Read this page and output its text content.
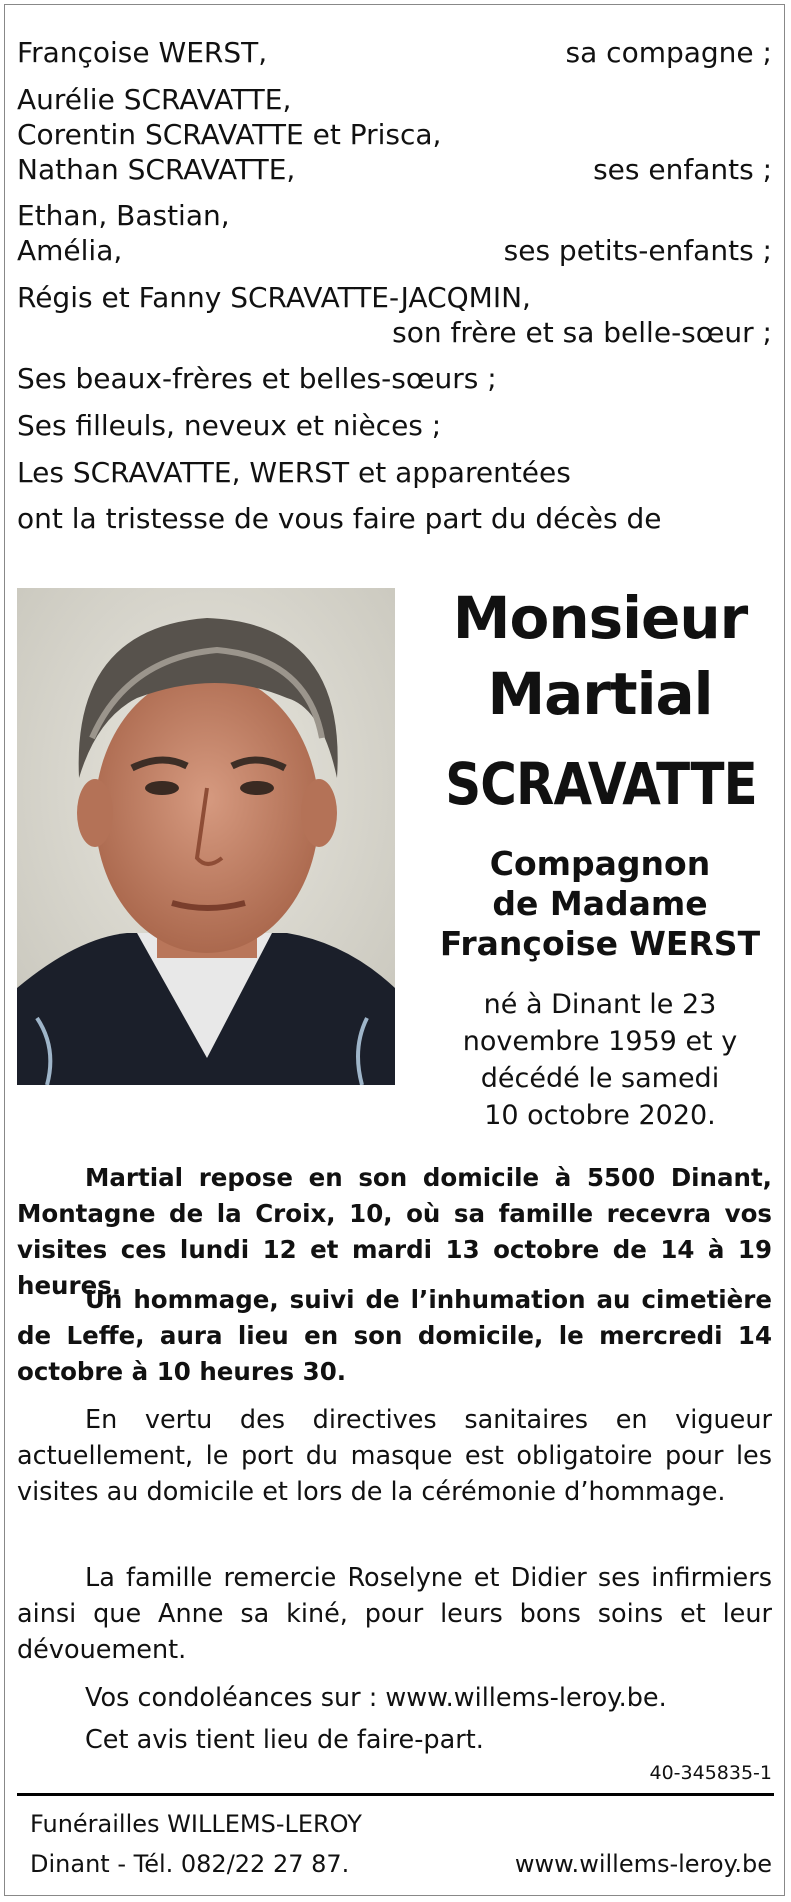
Françoise WERST,	sa compagne ;
Aurélie SCRAVATTE,
Corentin SCRAVATTE et Prisca,
Nathan SCRAVATTE,	ses enfants ;
Ethan, Bastian,
Amélia,	ses petits-enfants ;
Régis et Fanny SCRAVATTE-JACQMIN,
son frère et sa belle-sœur ;
Ses beaux-frères et belles-sœurs ;
Ses filleuls, neveux et nièces ;
Les SCRAVATTE, WERST et apparentées
ont la tristesse de vous faire part du décès de
Monsieur
Martial
SCRAVATTE
Compagnon
de Madame
Françoise WERST
né à Dinant le 23
novembre 1959 et y
décédé le samedi
10 octobre 2020.
Martial repose en son domicile à 5500 Dinant, Montagne de la Croix, 10, où sa famille recevra vos visites ces lundi 12 et mardi 13 octobre de 14 à 19 heures.
Un hommage, suivi de l’inhumation au cimetière de Leffe, aura lieu en son domicile, le mercredi 14 octobre à 10 heures 30.
En vertu des directives sanitaires en vigueur actuellement, le port du masque est obligatoire pour les visites au domicile et lors de la cérémonie d’hommage.
La famille remercie Roselyne et Didier ses infirmiers ainsi que Anne sa kiné, pour leurs bons soins et leur dévouement.
Vos condoléances sur : www.willems-leroy.be.
Cet avis tient lieu de faire-part.
40-345835-1
Funérailles WILLEMS-LEROY
Dinant - Tél. 082/22 27 87.	www.willems-leroy.be
